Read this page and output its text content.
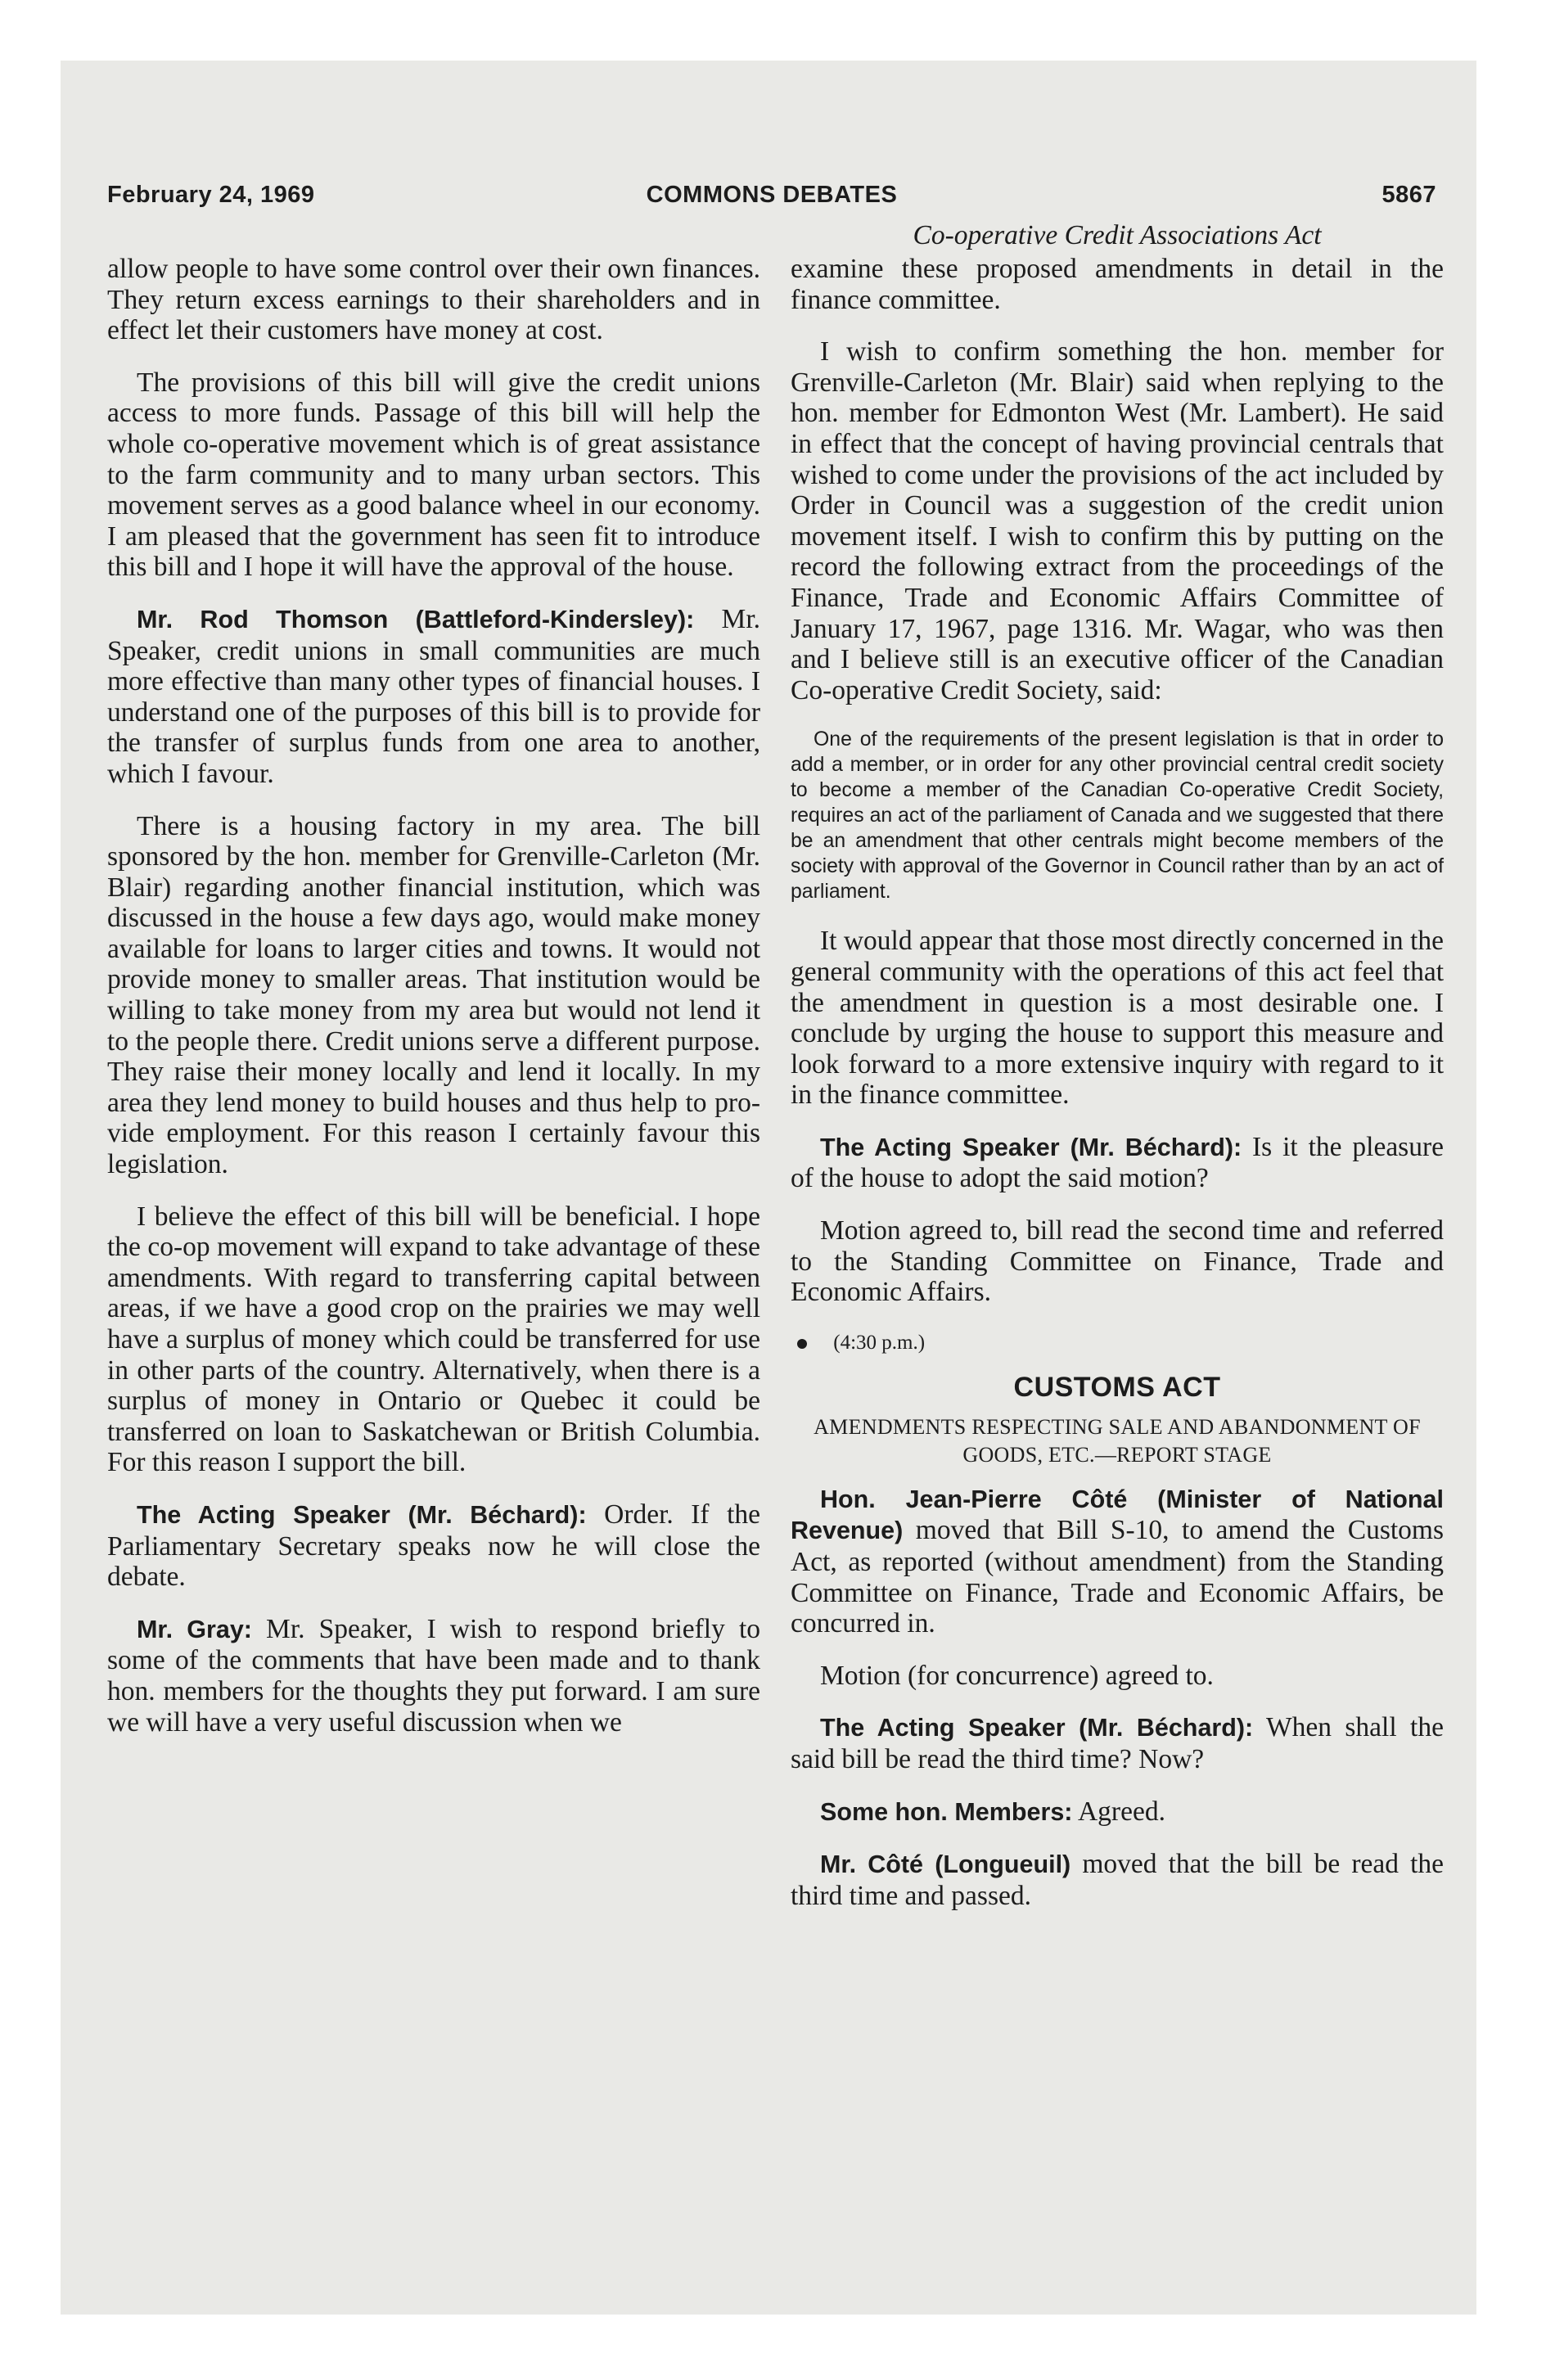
February 24, 1969	COMMONS DEBATES	5867

allow people to have some control over their own finances. They return excess earnings to their shareholders and in effect let their customers have money at cost.

The provisions of this bill will give the credit unions access to more funds. Passage of this bill will help the whole co-operative movement which is of great assistance to the farm community and to many urban sectors. This movement serves as a good balance wheel in our economy. I am pleased that the government has seen fit to introduce this bill and I hope it will have the approval of the house.

Mr. Rod Thomson (Battleford-Kindersley): Mr. Speaker, credit unions in small communities are much more effective than many other types of financial houses. I understand one of the purposes of this bill is to provide for the transfer of surplus funds from one area to another, which I favour.

There is a housing factory in my area. The bill sponsored by the hon. member for Grenville-Carleton (Mr. Blair) regarding another financial institution, which was discussed in the house a few days ago, would make money available for loans to larger cities and towns. It would not provide money to smaller areas. That institution would be willing to take money from my area but would not lend it to the people there. Credit unions serve a different purpose. They raise their money locally and lend it locally. In my area they lend money to build houses and thus help to provide employment. For this reason I certainly favour this legislation.

I believe the effect of this bill will be beneficial. I hope the co-op movement will expand to take advantage of these amendments. With regard to transferring capital between areas, if we have a good crop on the prairies we may well have a surplus of money which could be transferred for use in other parts of the country. Alternatively, when there is a surplus of money in Ontario or Quebec it could be transferred on loan to Saskatchewan or British Columbia. For this reason I support the bill.

The Acting Speaker (Mr. Béchard): Order. If the Parliamentary Secretary speaks now he will close the debate.

Mr. Gray: Mr. Speaker, I wish to respond briefly to some of the comments that have been made and to thank hon. members for the thoughts they put forward. I am sure we will have a very useful discussion when we

Co-operative Credit Associations Act

examine these proposed amendments in detail in the finance committee.

I wish to confirm something the hon. member for Grenville-Carleton (Mr. Blair) said when replying to the hon. member for Edmonton West (Mr. Lambert). He said in effect that the concept of having provincial centrals that wished to come under the provisions of the act included by Order in Council was a suggestion of the credit union movement itself. I wish to confirm this by putting on the record the following extract from the proceedings of the Finance, Trade and Economic Affairs Committee of January 17, 1967, page 1316. Mr. Wagar, who was then and I believe still is an executive officer of the Canadian Co-operative Credit Society, said:

One of the requirements of the present legislation is that in order to add a member, or in order for any other provincial central credit society to become a member of the Canadian Co-operative Credit Society, requires an act of the parliament of Canada and we suggested that there be an amendment that other centrals might become members of the society with approval of the Governor in Council rather than by an act of parliament.

It would appear that those most directly concerned in the general community with the operations of this act feel that the amendment in question is a most desirable one. I conclude by urging the house to support this measure and look forward to a more extensive inquiry with regard to it in the finance committee.

The Acting Speaker (Mr. Béchard): Is it the pleasure of the house to adopt the said motion?

Motion agreed to, bill read the second time and referred to the Standing Committee on Finance, Trade and Economic Affairs.

(4:30 p.m.)
CUSTOMS ACT
AMENDMENTS RESPECTING SALE AND ABANDONMENT OF GOODS, ETC.—REPORT STAGE

Hon. Jean-Pierre Côté (Minister of National Revenue) moved that Bill S-10, to amend the Customs Act, as reported (without amendment) from the Standing Committee on Finance, Trade and Economic Affairs, be concurred in.

Motion (for concurrence) agreed to.

The Acting Speaker (Mr. Béchard): When shall the said bill be read the third time? Now?

Some hon. Members: Agreed.

Mr. Côté (Longueuil) moved that the bill be read the third time and passed.
